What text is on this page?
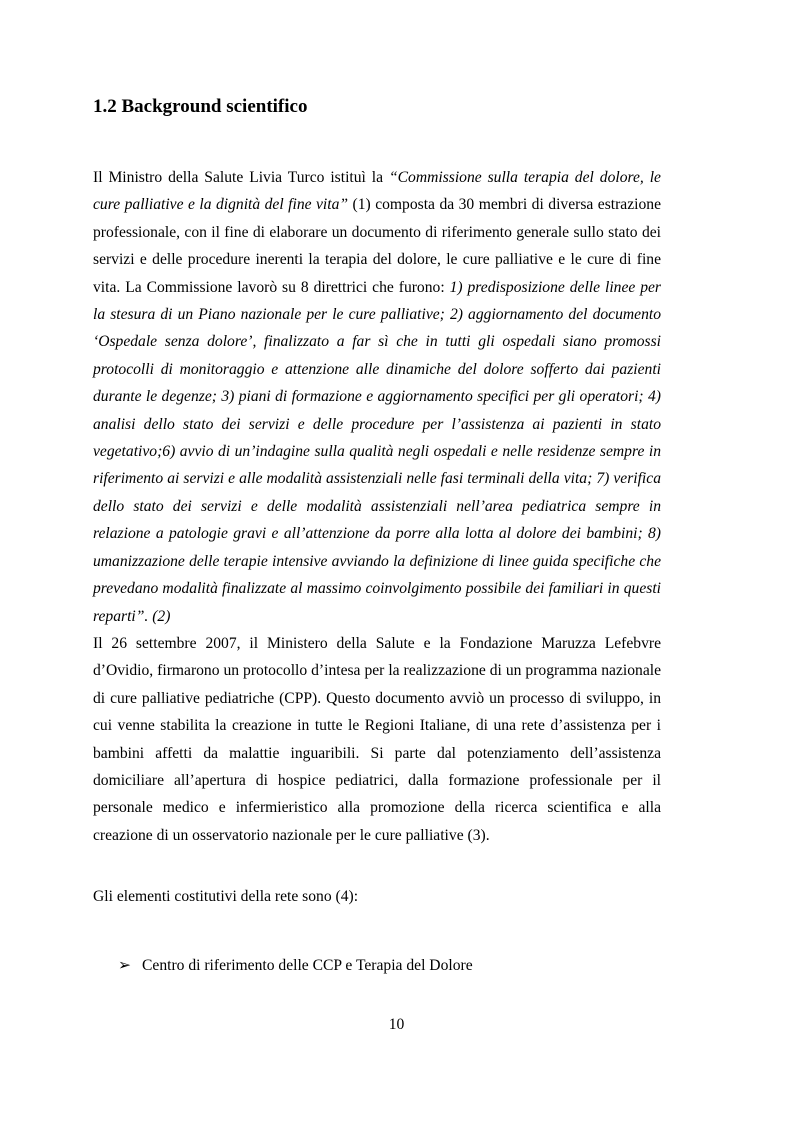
1.2 Background scientifico

Il Ministro della Salute Livia Turco istituì la “Commissione sulla terapia del dolore, le cure palliative e la dignità del fine vita” (1) composta da 30 membri di diversa estrazione professionale, con il fine di elaborare un documento di riferimento generale sullo stato dei servizi e delle procedure inerenti la terapia del dolore, le cure palliative e le cure di fine vita. La Commissione lavorò su 8 direttrici che furono: 1) predisposizione delle linee per la stesura di un Piano nazionale per le cure palliative; 2) aggiornamento del documento ‘Ospedale senza dolore’, finalizzato a far sì che in tutti gli ospedali siano promossi protocolli di monitoraggio e attenzione alle dinamiche del dolore sofferto dai pazienti durante le degenze; 3) piani di formazione e aggiornamento specifici per gli operatori; 4) analisi dello stato dei servizi e delle procedure per l’assistenza ai pazienti in stato vegetativo;6) avvio di un’indagine sulla qualità negli ospedali e nelle residenze sempre in riferimento ai servizi e alle modalità assistenziali nelle fasi terminali della vita; 7) verifica dello stato dei servizi e delle modalità assistenziali nell’area pediatrica sempre in relazione a patologie gravi e all’attenzione da porre alla lotta al dolore dei bambini; 8) umanizzazione delle terapie intensive avviando la definizione di linee guida specifiche che prevedano modalità finalizzate al massimo coinvolgimento possibile dei familiari in questi reparti”. (2)

Il 26 settembre 2007, il Ministero della Salute e la Fondazione Maruzza Lefebvre d’Ovidio, firmarono un protocollo d’intesa per la realizzazione di un programma nazionale di cure palliative pediatriche (CPP). Questo documento avviò un processo di sviluppo, in cui venne stabilita la creazione in tutte le Regioni Italiane, di una rete d’assistenza per i bambini affetti da malattie inguaribili. Si parte dal potenziamento dell’assistenza domiciliare all’apertura di hospice pediatrici, dalla formazione professionale per il personale medico e infermieristico alla promozione della ricerca scientifica e alla creazione di un osservatorio nazionale per le cure palliative (3).

Gli elementi costitutivi della rete sono (4):

➢ Centro di riferimento delle CCP e Terapia del Dolore
10
